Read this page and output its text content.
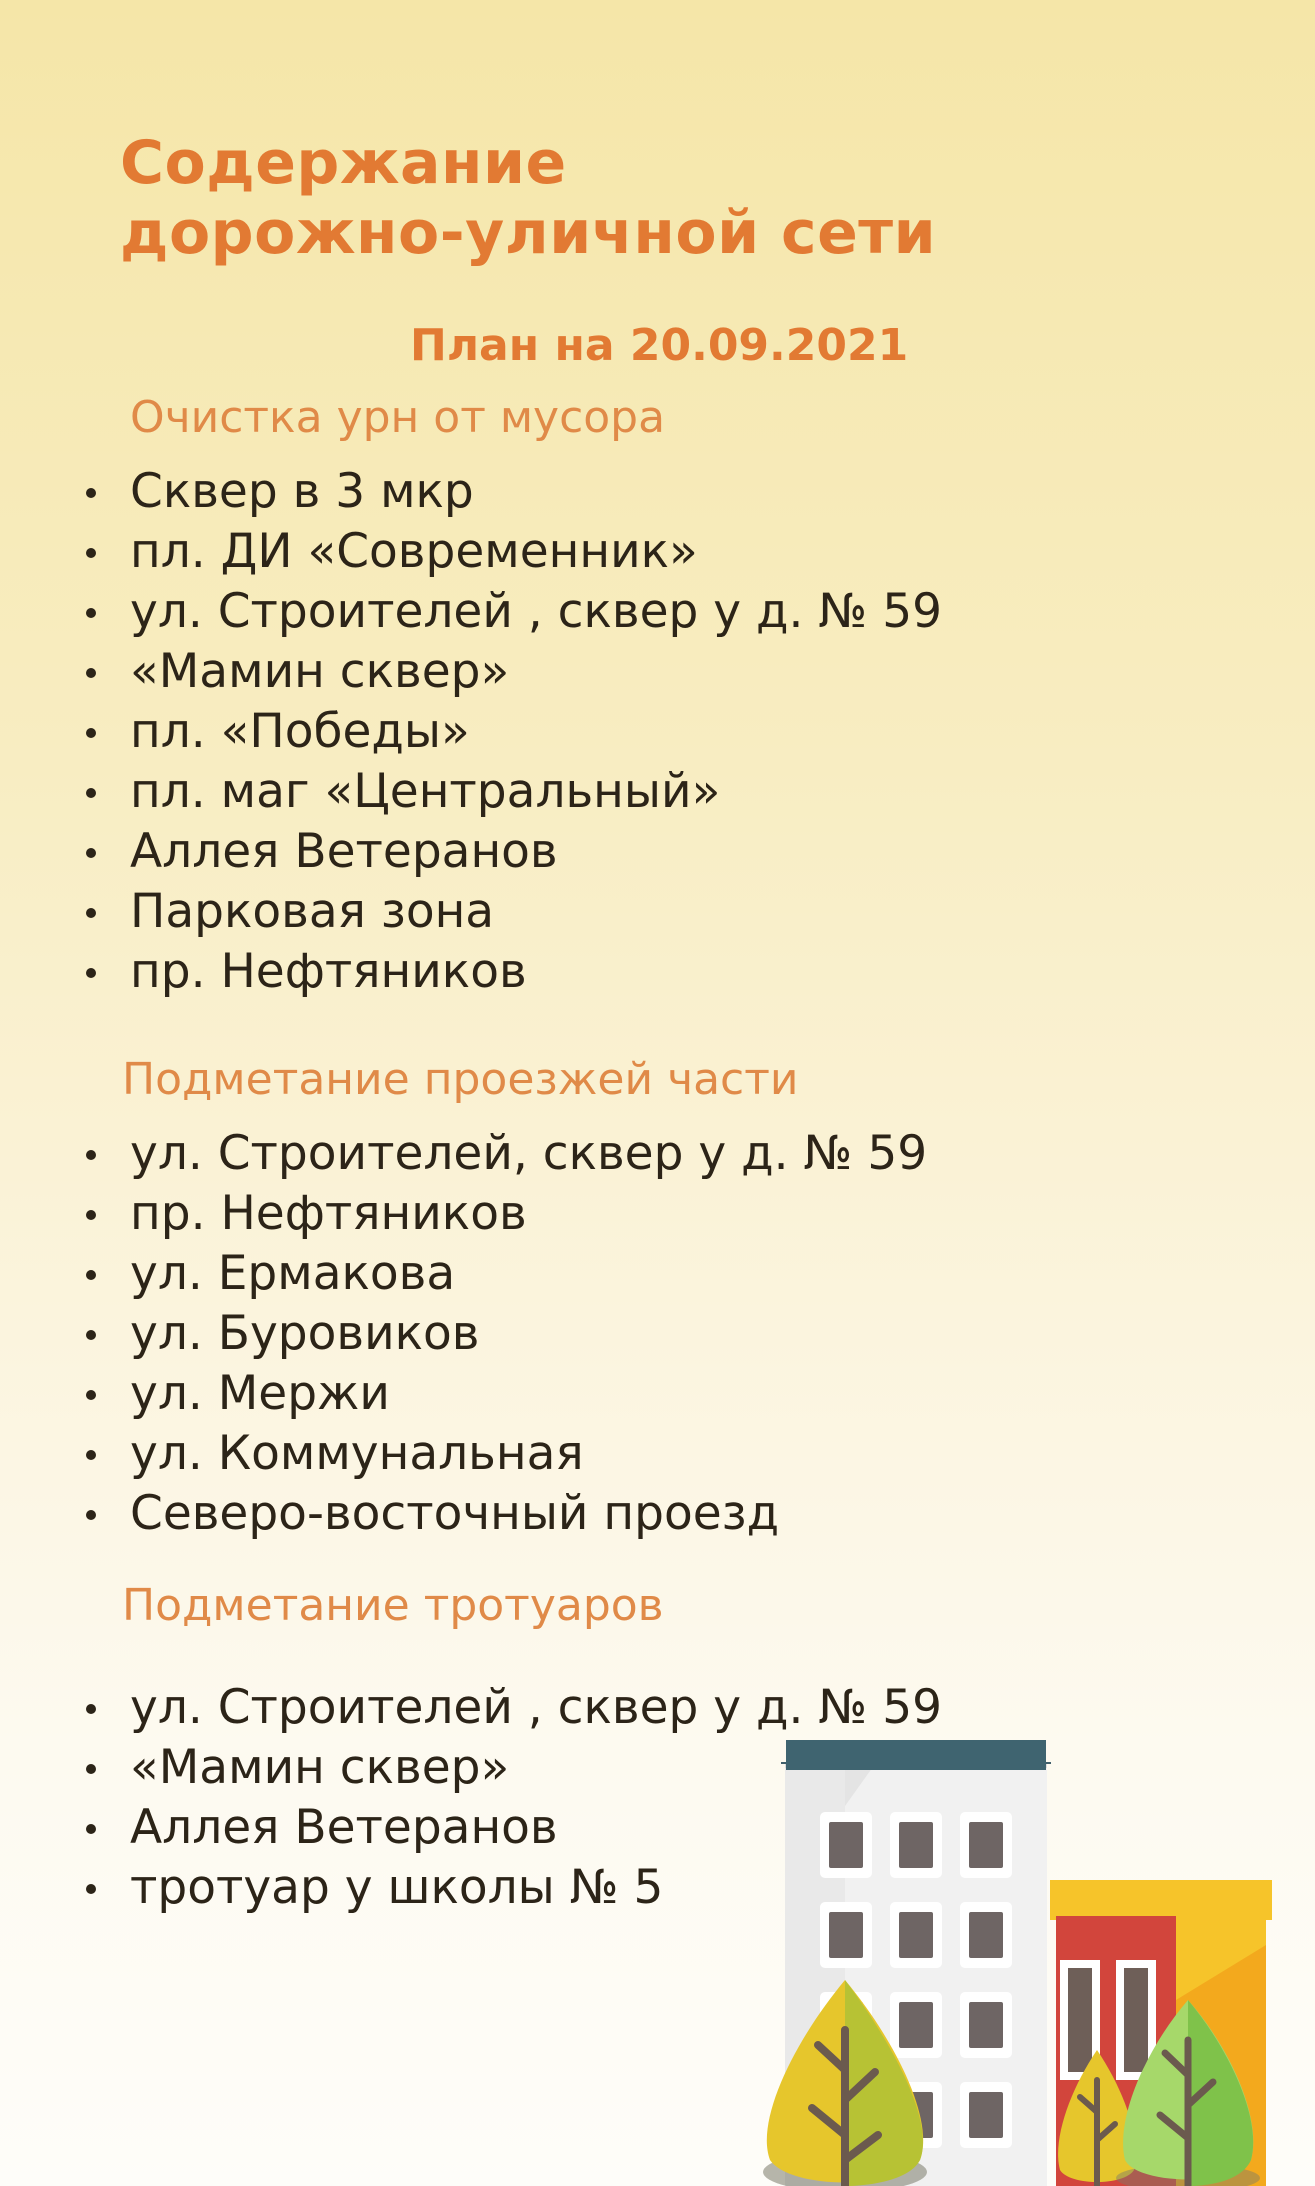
Содержание
дорожно-уличной сети
План на 20.09.2021
Очистка урн от мусора
Сквер в 3 мкр
пл. ДИ «Современник»
ул. Строителей , сквер у д. № 59
«Мамин сквер»
пл. «Победы»
пл. маг «Центральный»
Аллея Ветеранов
Парковая зона
пр. Нефтяников
Подметание проезжей части
ул. Строителей, сквер у д. № 59
пр. Нефтяников
ул. Ермакова
ул. Буровиков
ул. Мержи
ул. Коммунальная
Северо-восточный проезд
Подметание тротуаров
ул. Строителей , сквер у д. № 59
«Мамин сквер»
Аллея Ветеранов
тротуар у школы № 5
